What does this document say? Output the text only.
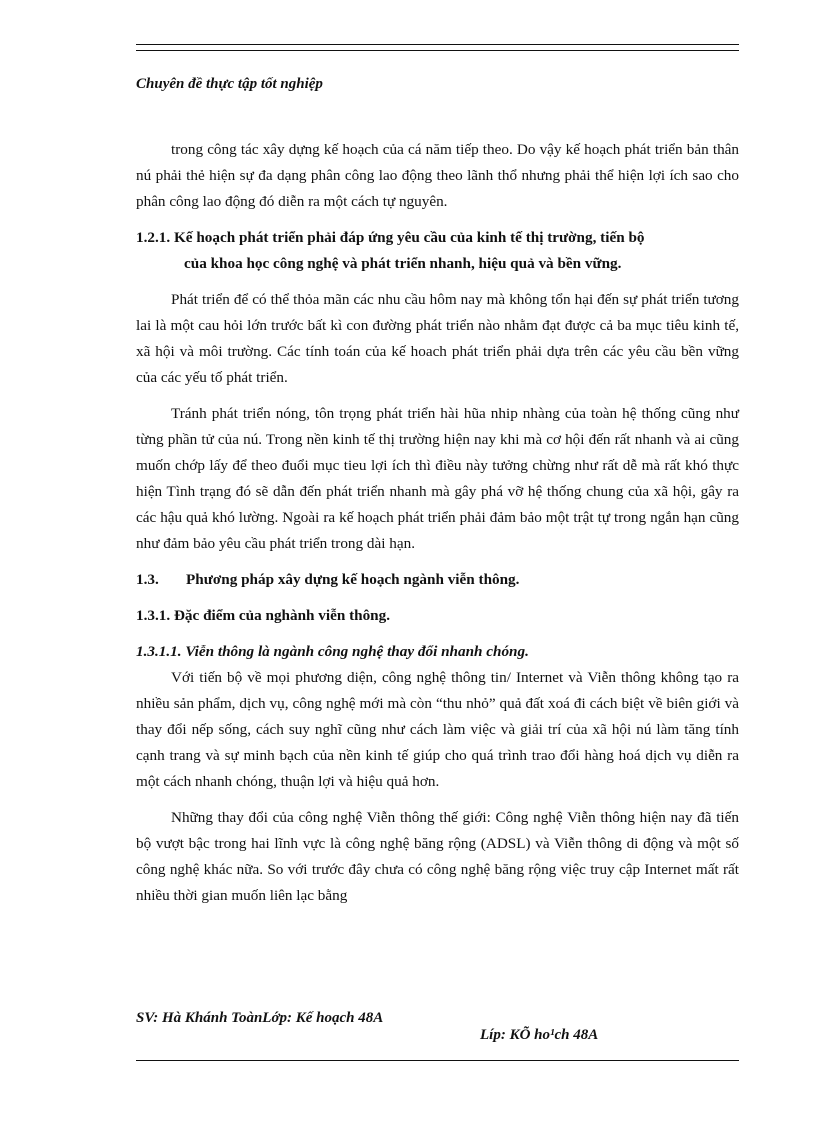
Chuyên đề thực tập tốt nghiệp

trong công tác xây dựng kế hoạch của cá năm tiếp theo. Do vậy kế hoạch phát triển bản thân nú phải thẻ hiện sự đa dạng phân công lao động theo lãnh thổ nhưng phải thể hiện lợi ích sao cho phân công lao động đó diễn ra một cách tự nguyên.

1.2.1. Kế hoạch phát triển phải đáp ứng yêu cầu của kinh tế thị trường, tiến bộ
của khoa học công nghệ và phát triển nhanh, hiệu quả và bền vững.

Phát triển để có thể thỏa mãn các nhu cầu hôm nay mà không tổn hại đến sự phát triển tương lai là một cau hỏi lớn trước bất kì con đường phát triển nào nhằm đạt được cả ba mục tiêu kinh tế, xã hội và môi trường. Các tính toán của kế hoach phát triển phải dựa trên các yêu cầu bền vững của các yếu tố phát triển.

Tránh phát triển nóng, tôn trọng phát triển hài hũa nhip nhàng của toàn hệ thống cũng như từng phần tử của nú. Trong nền kinh tế thị trường hiện nay khi mà cơ hội đến rất nhanh và ai cũng muốn chớp lấy để theo đuổi mục tieu lợi ích thì điều này tưởng chừng như rất dễ mà rất khó thực hiện Tình trạng đó sẽ dẫn đến phát triển nhanh mà gây phá vỡ hệ thống chung của xã hội, gây ra các hậu quả khó lường. Ngoài ra kế hoạch phát triển phải đảm bảo một trật tự trong ngắn hạn cũng như đảm bảo yêu cầu phát triển trong dài hạn.

1.3. Phương pháp xây dựng kế hoạch ngành viễn thông.
1.3.1. Đặc điểm của nghành viễn thông.
1.3.1.1. Viễn thông là ngành công nghệ thay đổi nhanh chóng.

Với tiến bộ về mọi phương diện, công nghệ thông tin/ Internet và Viễn thông không tạo ra nhiều sản phẩm, dịch vụ, công nghệ mới mà còn “thu nhỏ” quả đất xoá đi cách biệt về biên giới và thay đổi nếp sống, cách suy nghĩ cũng như cách làm việc và giải trí của xã hội nú làm tăng tính cạnh trang và sự minh bạch của nền kinh tế giúp cho quá trình trao đổi hàng hoá dịch vụ diễn ra một cách nhanh chóng, thuận lợi và hiệu quả hơn.

Những thay đổi của công nghệ Viễn thông thế giới: Công nghệ Viễn thông hiện nay đã tiến bộ vượt bậc trong hai lĩnh vực là công nghệ băng rộng (ADSL) và Viễn thông di động và một số công nghệ khác nữa. So với trước đây chưa có công nghệ băng rộng việc truy cập Internet mất rất nhiều thời gian muốn liên lạc bằng

SV: Hà Khánh ToànLớp: Kế hoạch 48A
Líp: KÕ ho¹ch 48A
